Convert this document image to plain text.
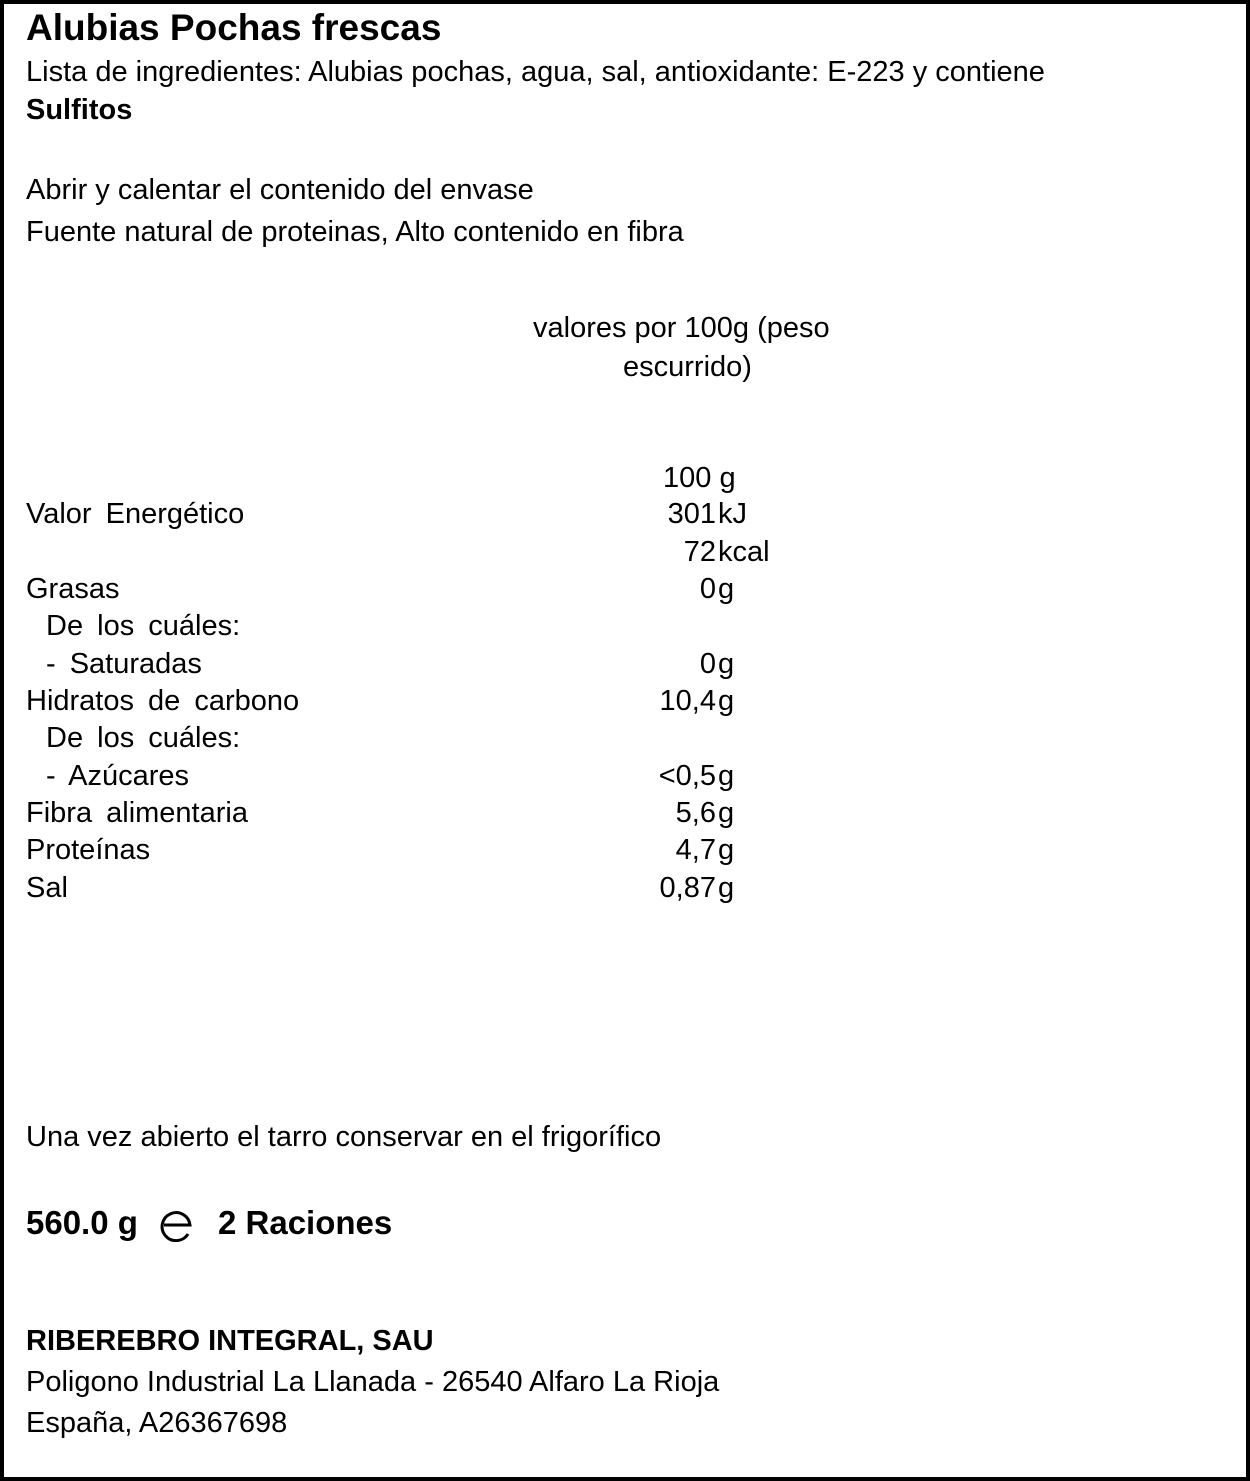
Alubias Pochas frescas
Lista de ingredientes: Alubias pochas, agua, sal, antioxidante: E-223 y contiene
Sulfitos
Abrir y calentar el contenido del envase
Fuente natural de proteinas, Alto contenido en fibra
valores por 100g (peso
escurrido)
100 g
Valor Energético	301 kJ
72 kcal
Grasas	0 g
De los cuáles:
- Saturadas	0 g
Hidratos de carbono	10,4 g
De los cuáles:
- Azúcares	<0,5 g
Fibra alimentaria	5,6 g
Proteínas	4,7 g
Sal	0,87 g
Una vez abierto el tarro conservar en el frigorífico
560.0 g 2 Raciones
RIBEREBRO INTEGRAL, SAU
Poligono Industrial La Llanada - 26540 Alfaro La Rioja
España, A26367698
